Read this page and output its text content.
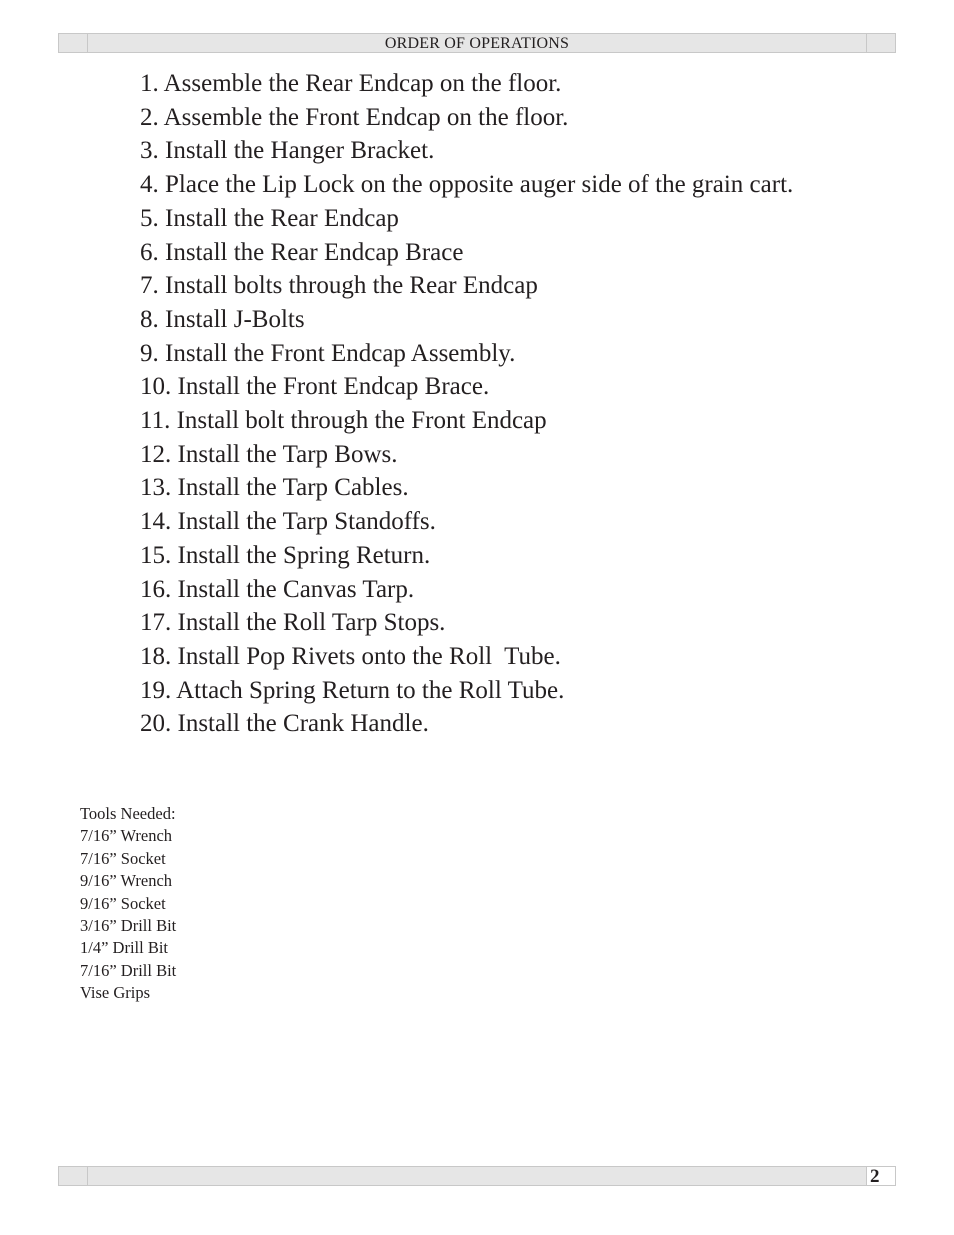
ORDER OF OPERATIONS
1. Assemble the Rear Endcap on the floor.
2. Assemble the Front Endcap on the floor.
3. Install the Hanger Bracket.
4. Place the Lip Lock on the opposite auger side of the grain cart.
5. Install the Rear Endcap
6. Install the Rear Endcap Brace
7. Install bolts through the Rear Endcap
8. Install J-Bolts
9. Install the Front Endcap Assembly.
10. Install the Front Endcap Brace.
11. Install bolt through the Front Endcap
12. Install the Tarp Bows.
13. Install the Tarp Cables.
14. Install the Tarp Standoffs.
15. Install the Spring Return.
16. Install the Canvas Tarp.
17. Install the Roll Tarp Stops.
18. Install Pop Rivets onto the Roll  Tube.
19. Attach Spring Return to the Roll Tube.
20. Install the Crank Handle.
Tools Needed:
7/16” Wrench
7/16” Socket
9/16” Wrench
9/16” Socket
3/16” Drill Bit
1/4” Drill Bit
7/16” Drill Bit
Vise Grips
2
